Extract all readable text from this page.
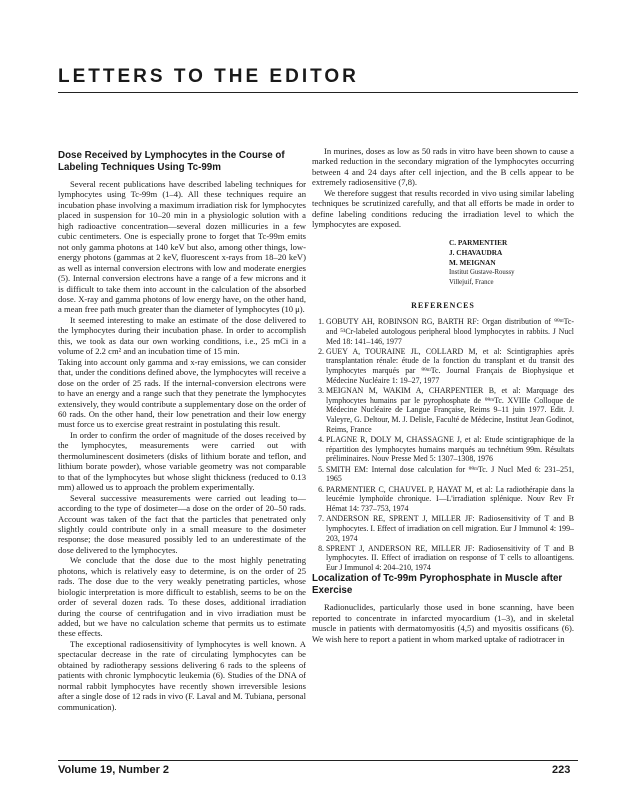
LETTERS TO THE EDITOR
Dose Received by Lymphocytes in the Course of Labeling Techniques Using Tc-99m

Several recent publications have described labeling techniques for lymphocytes using Tc-99m (1–4). All these techniques require an incubation phase involving a maximum irradiation risk for lymphocytes placed in suspension for 10–20 min in a physiologic solution with a high radioactive concentration—several dozen millicuries in a few cubic centimeters. One is especially prone to forget that Tc-99m emits not only gamma photons at 140 keV but also, among other things, low-energy photons (gammas at 2 keV, fluorescent x-rays from 18–20 keV) as well as internal conversion electrons with low and moderate energies (5). Internal conversion electrons have a range of a few microns and it is difficult to take them into account in the calculation of the absorbed dose. X-ray and gamma photons of low energy have, on the other hand, a mean free path much greater than the diameter of lymphocytes (10 μ).

It seemed interesting to make an estimate of the dose delivered to the lymphocytes during their incubation phase. In order to accomplish this, we took as data our own working conditions, i.e., 25 mCi in a volume of 2.2 cm² and an incubation time of 15 min.

Taking into account only gamma and x-ray emissions, we can consider that, under the conditions defined above, the lymphocytes will receive a dose on the order of 25 rads. If the internal-conversion electrons were to have an energy and a range such that they penetrate the lymphocytes extensively, they would contribute a supplementary dose on the order of 60 rads. On the other hand, their low penetration and their low energy must force us to exercise great restraint in postulating this result.

In order to confirm the order of magnitude of the doses received by the lymphocytes, measurements were carried out with thermoluminescent dosimeters (disks of lithium borate and teflon, and lithium borate powder), whose variable geometry was not comparable to that of the lymphocytes but whose slight thickness (reduced to 0.13 mm) allowed us to approach the problem experimentally.

Several successive measurements were carried out leading to—according to the type of dosimeter—a dose on the order of 20–50 rads. Account was taken of the fact that the particles that penetrated only slightly could contribute only in a small measure to the dosimeter response; the dose measured possibly led to an underestimate of the dose delivered to the lymphocytes.

We conclude that the dose due to the most highly penetrating photons, which is relatively easy to determine, is on the order of 25 rads. The dose due to the very weakly penetrating particles, whose biologic interpretation is more difficult to establish, seems to be on the order of several dozen rads. To these doses, additional irradiation during the course of centrifugation and in vivo irradiation must be added, but we have no calculation scheme that permits us to estimate these effects.

The exceptional radiosensitivity of lymphocytes is well known. A spectacular decrease in the rate of circulating lymphocytes can be obtained by radiotherapy sessions delivering 6 rads to the spleens of patients with chronic lymphocytic leukemia (6). Studies of the DNA of normal rabbit lymphocytes have recently shown irreversible lesions after a single dose of 12 rads in vivo (F. Laval and M. Tubiana, personal communication).

In murines, doses as low as 50 rads in vitro have been shown to cause a marked reduction in the secondary migration of the lymphocytes occurring between 4 and 24 days after cell injection, and the B cells appear to be extremely radiosensitive (7,8).

We therefore suggest that results recorded in vivo using similar labeling techniques be scrutinized carefully, and that all efforts be made in order to define labeling conditions reducing the irradiation level to which the lymphocytes are exposed.

C. PARMENTIER
J. CHAVAUDRA
M. MEIGNAN
Institut Gustave-Roussy
Villejuif, France
REFERENCES
1. GOBUTY AH, ROBINSON RG, BARTH RF: Organ distribution of ⁹⁹ᵐTc- and ⁵¹Cr-labeled autologous peripheral blood lymphocytes in rabbits. J Nucl Med 18: 141–146, 1977
2. GUEY A, TOURAINE JL, COLLARD M, et al: Scintigraphies après transplantation rénale: étude de la fonction du transplant et du transit des lymphocytes marqués par ⁹⁹ᵐTc. Journal Français de Biophysique et Médecine Nucléaire 1: 19–27, 1977
3. MEIGNAN M, WAKIM A, CHARPENTIER B, et al: Marquage des lymphocytes humains par le pyrophosphate de ⁹⁹ᵐTc. XVIIIe Colloque de Médecine Nucléaire de Langue Française, Reims 9–11 juin 1977. Edit. J. Valeyre, G. Deltour, M. J. Delisle, Faculté de Médecine, Institut Jean Godinot, Reims, France
4. PLAGNE R, DOLY M, CHASSAGNE J, et al: Etude scintigraphique de la répartition des lymphocytes humains marqués au technétium 99m. Résultats préliminaires. Nouv Presse Med 5: 1307–1308, 1976
5. SMITH EM: Internal dose calculation for ⁹⁹ᵐTc. J Nucl Med 6: 231–251, 1965
6. PARMENTIER C, CHAUVEL P, HAYAT M, et al: La radiothérapie dans la leucémie lymphoïde chronique. I—L'irradiation splénique. Nouv Rev Fr Hémat 14: 737–753, 1974
7. ANDERSON RE, SPRENT J, MILLER JF: Radiosensitivity of T and B lymphocytes. I. Effect of irradiation on cell migration. Eur J Immunol 4: 199–203, 1974
8. SPRENT J, ANDERSON RE, MILLER JF: Radiosensitivity of T and B lymphocytes. II. Effect of irradiation on response of T cells to alloantigens. Eur J Immunol 4: 204–210, 1974
Localization of Tc-99m Pyrophosphate in Muscle after Exercise

Radionuclides, particularly those used in bone scanning, have been reported to concentrate in infarcted myocardium (1–3), and in skeletal muscle in patients with dermatomyositis (4,5) and myositis ossificans (6). We wish here to report a patient in whom marked uptake of radiotracer in

Volume 19, Number 2	223
